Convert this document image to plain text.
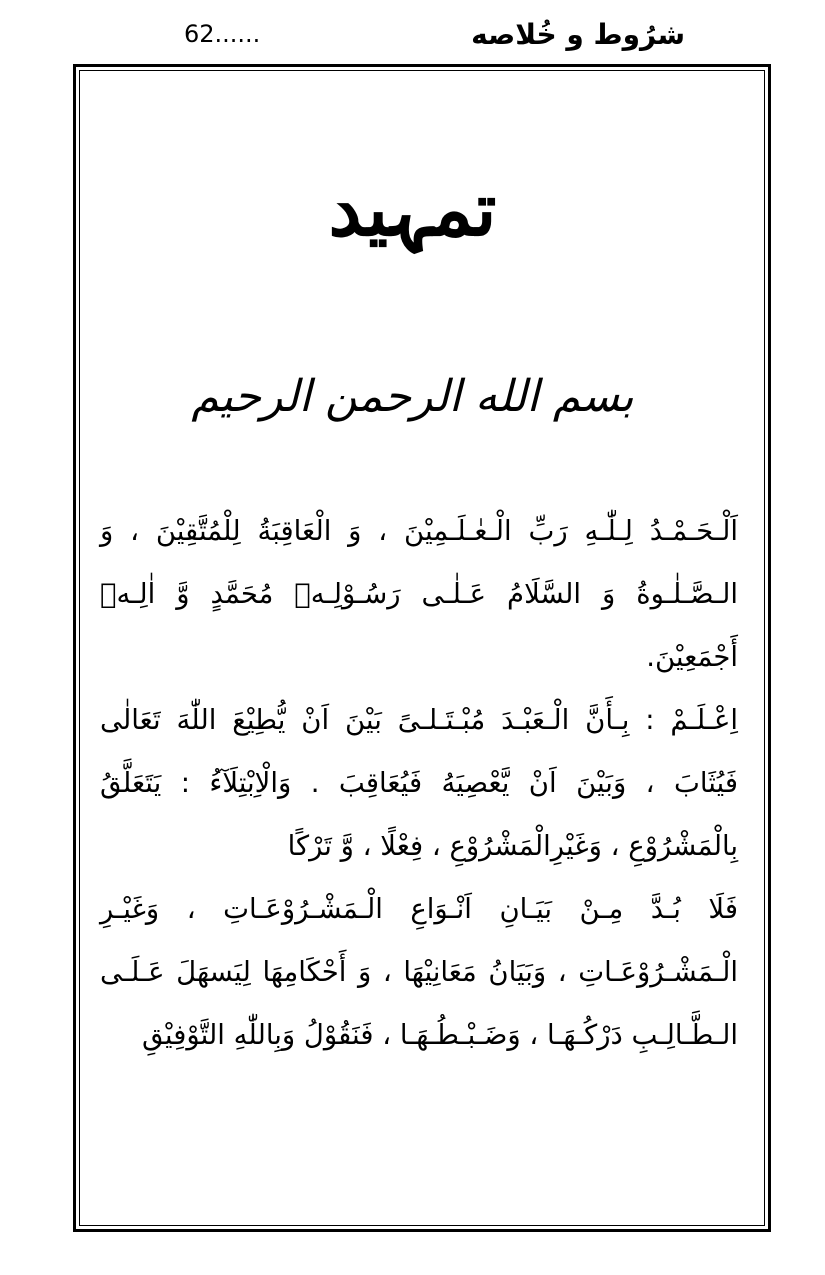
شرُوط و خُلاصه
62......
تمہید
بسم الله الرحمن الرحيم

اَلْـحَـمْـدُ لِـلّٰـهِ رَبِّ الْـعٰـلَـمِيْنَ ، وَ الْعَاقِبَةُ لِلْمُتَّقِيْنَ ، وَ الـصَّـلٰـوةُ وَ السَّلَامُ عَـلٰـى رَسُـوْلِـهٖ مُحَمَّدٍ وَّ اٰلِـهٖ أَجْمَعِيْنَ.

اِعْـلَـمْ : بِـأَنَّ الْـعَبْـدَ مُبْـتَـلـىً بَيْنَ اَنْ يُّطِيْعَ اللّٰهَ تَعَالٰى فَيُثَابَ ، وَبَيْنَ اَنْ يَّعْصِيَهُ فَيُعَاقِبَ . وَالْاِبْتِلَآءُ : يَتَعَلَّقُ بِالْمَشْرُوْعِ ، وَغَيْرِالْمَشْرُوْعِ ، فِعْلًا ، وَّ تَرْكًا

فَلَا بُـدَّ مِـنْ بَيَـانِ اَنْـوَاعِ الْـمَشْـرُوْعَـاتِ ، وَغَيْـرِ الْـمَشْـرُوْعَـاتِ ، وَبَيَانُ مَعَانِيْهَا ، وَ أَحْكَامِهَا لِيَسهَلَ عَـلَـى الـطَّـالِـبِ دَرْكُـهَـا ، وَضَـبْـطُـهَـا ، فَنَقُوْلُ وَبِاللّٰهِ التَّوْفِيْقِ
